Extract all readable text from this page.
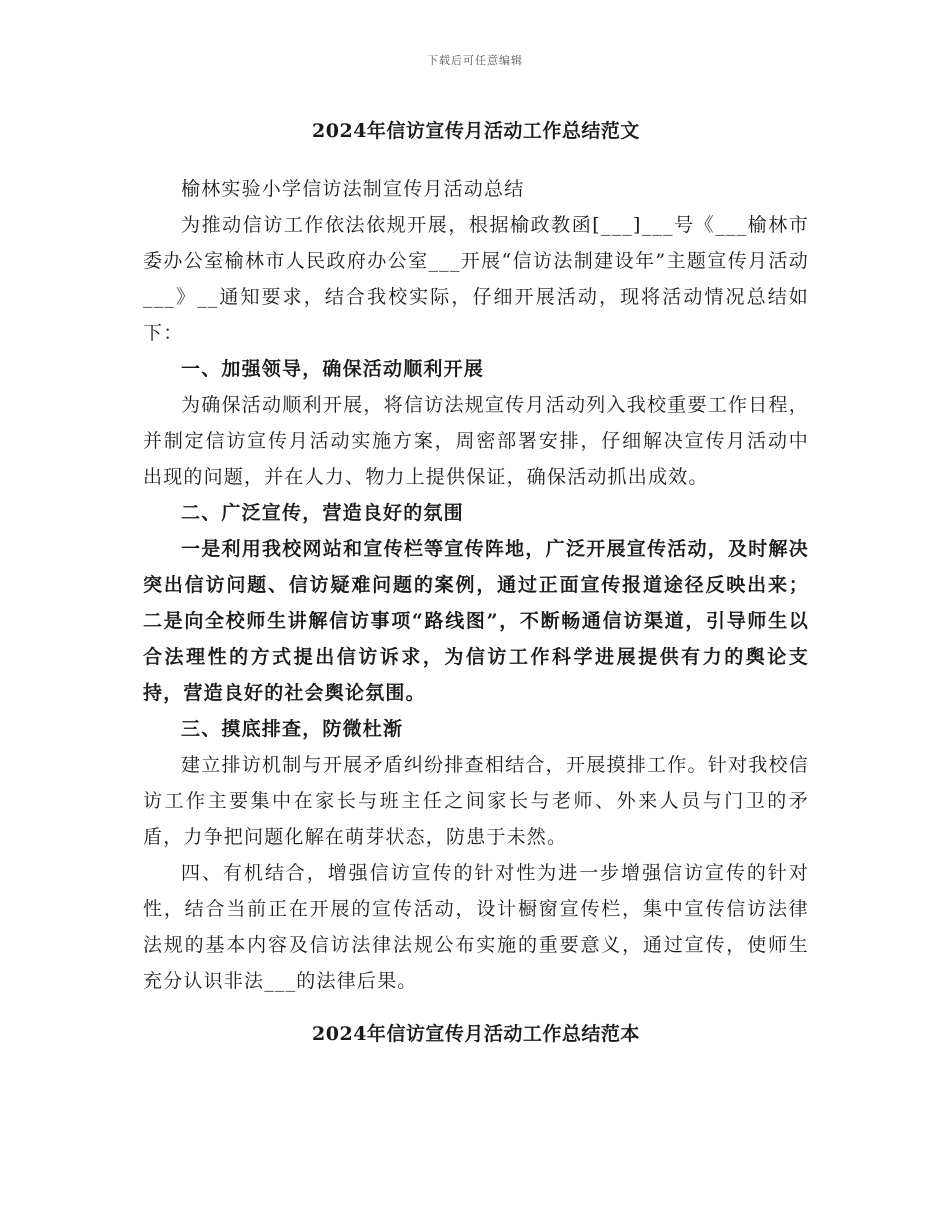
下载后可任意编辑
2024年信访宣传月活动工作总结范文

榆林实验小学信访法制宣传月活动总结

为推动信访工作依法依规开展，根据榆政教函[___]___号《___榆林市委办公室榆林市人民政府办公室___开展“信访法制建设年”主题宣传月活动___》__通知要求，结合我校实际，仔细开展活动，现将活动情况总结如下：

一、加强领导，确保活动顺利开展

为确保活动顺利开展，将信访法规宣传月活动列入我校重要工作日程，并制定信访宣传月活动实施方案，周密部署安排，仔细解决宣传月活动中出现的问题，并在人力、物力上提供保证，确保活动抓出成效。

二、广泛宣传，营造良好的氛围

一是利用我校网站和宣传栏等宣传阵地，广泛开展宣传活动，及时解决突出信访问题、信访疑难问题的案例，通过正面宣传报道途径反映出来；二是向全校师生讲解信访事项“路线图”，不断畅通信访渠道，引导师生以合法理性的方式提出信访诉求，为信访工作科学进展提供有力的舆论支持，营造良好的社会舆论氛围。

三、摸底排查，防微杜渐

建立排访机制与开展矛盾纠纷排查相结合，开展摸排工作。针对我校信访工作主要集中在家长与班主任之间家长与老师、外来人员与门卫的矛盾，力争把问题化解在萌芽状态，防患于未然。

四、有机结合，增强信访宣传的针对性为进一步增强信访宣传的针对性，结合当前正在开展的宣传活动，设计橱窗宣传栏，集中宣传信访法律法规的基本内容及信访法律法规公布实施的重要意义，通过宣传，使师生充分认识非法___的法律后果。

2024年信访宣传月活动工作总结范本
